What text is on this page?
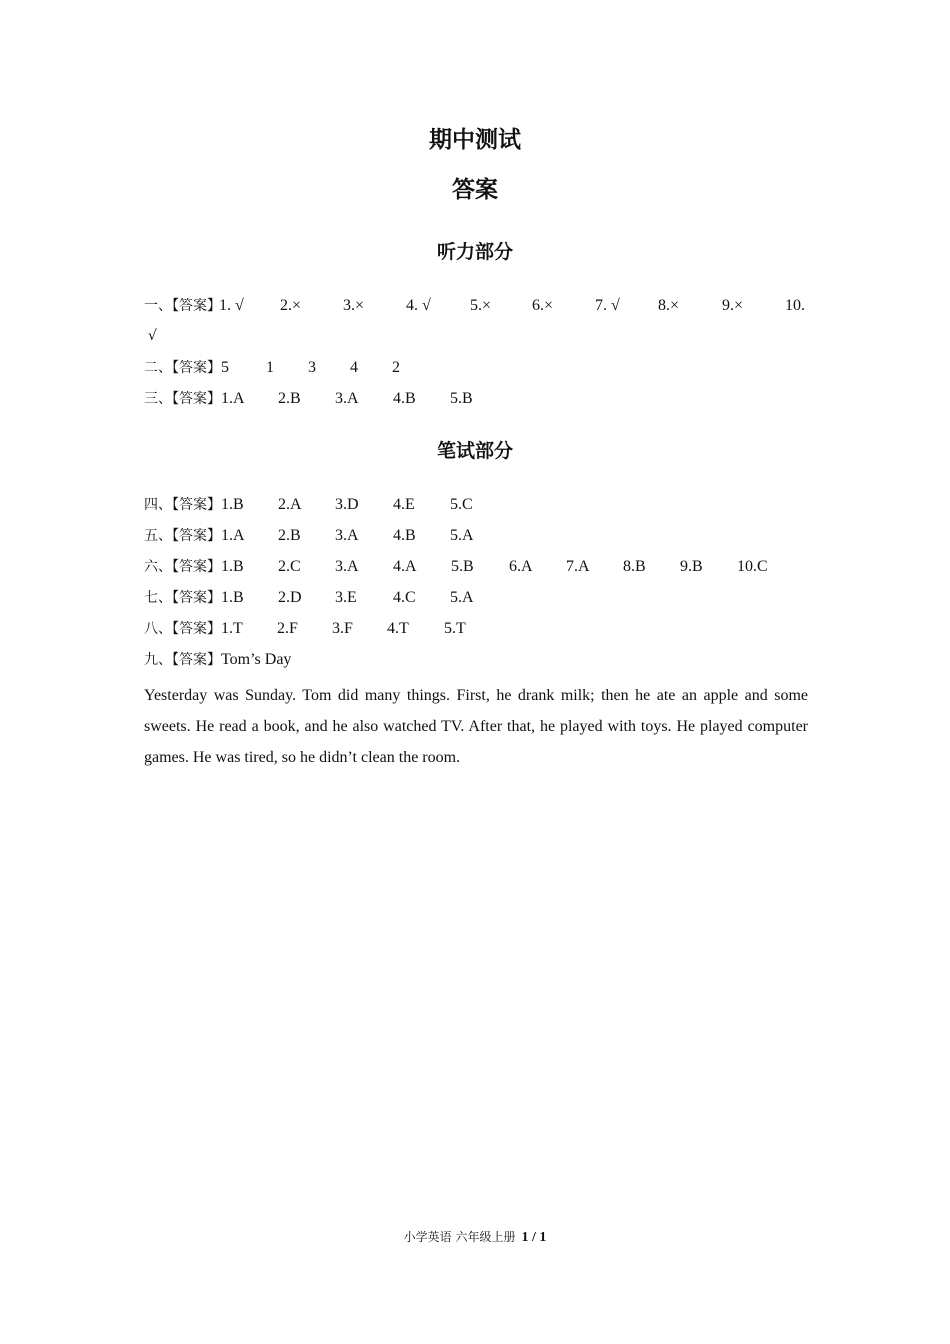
期中测试
答案
听力部分
一、【答案】1. √ 2.×	3.×	4. √ 5.×	6.×	7. √ 8.×	9.×	10.
√
二、【答案】5 1 3 4 2
三、【答案】1.A 2.B 3.A 4.B 5.B
笔试部分
四、【答案】1.B 2.A 3.D 4.E 5.C
五、【答案】1.A 2.B 3.A 4.B 5.A
六、【答案】1.B 2.C 3.A 4.A 5.B 6.A 7.A 8.B 9.B 10.C
七、【答案】1.B 2.D 3.E 4.C 5.A
八、【答案】1.T 2.F 3.F 4.T 5.T
九、【答案】Tom’s Day
Yesterday was Sunday. Tom did many things. First, he drank milk; then he ate an apple and some sweets. He read a book, and he also watched TV. After that, he played with toys. He played computer games. He was tired, so he didn’t clean the room.
小学英语 六年级上册 1 / 1
